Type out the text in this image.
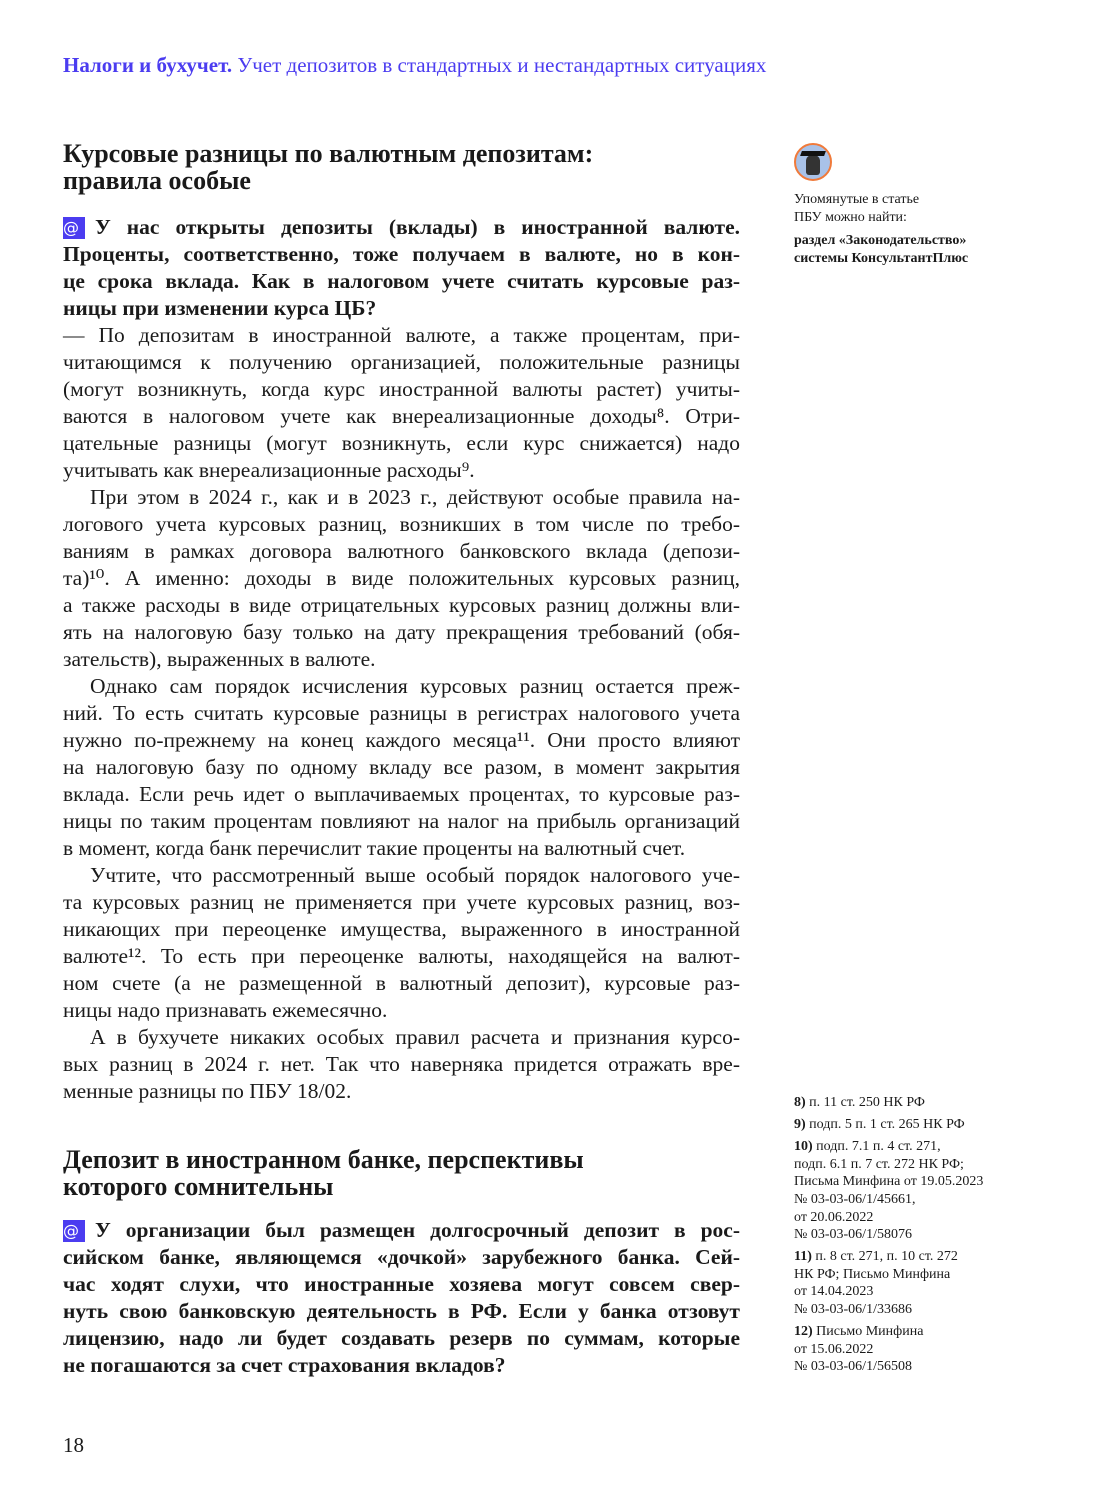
Налоги и бухучет. Учет депозитов в стандартных и нестандартных ситуациях
Курсовые разницы по валютным депозитам:
правила особые
@ У нас открыты депозиты (вклады) в иностранной валюте.
Проценты, соответственно, тоже получаем в валюте, но в кон-
це срока вклада. Как в налоговом учете считать курсовые раз-
ницы при изменении курса ЦБ?
— По депозитам в иностранной валюте, а также процентам, при-
читающимся к получению организацией, положительные разницы
(могут возникнуть, когда курс иностранной валюты растет) учиты-
ваются в налоговом учете как внереализационные доходы⁸. Отри-
цательные разницы (могут возникнуть, если курс снижается) надо
учитывать как внереализационные расходы⁹.
При этом в 2024 г., как и в 2023 г., действуют особые правила на-
логового учета курсовых разниц, возникших в том числе по требо-
ваниям в рамках договора валютного банковского вклада (депози-
та)¹⁰. А именно: доходы в виде положительных курсовых разниц,
а также расходы в виде отрицательных курсовых разниц должны вли-
ять на налоговую базу только на дату прекращения требований (обя-
зательств), выраженных в валюте.
Однако сам порядок исчисления курсовых разниц остается преж-
ний. То есть считать курсовые разницы в регистрах налогового учета
нужно по-прежнему на конец каждого месяца¹¹. Они просто влияют
на налоговую базу по одному вкладу все разом, в момент закрытия
вклада. Если речь идет о выплачиваемых процентах, то курсовые раз-
ницы по таким процентам повлияют на налог на прибыль организаций
в момент, когда банк перечислит такие проценты на валютный счет.
Учтите, что рассмотренный выше особый порядок налогового уче-
та курсовых разниц не применяется при учете курсовых разниц, воз-
никающих при переоценке имущества, выраженного в иностранной
валюте¹². То есть при переоценке валюты, находящейся на валют-
ном счете (а не размещенной в валютный депозит), курсовые раз-
ницы надо признавать ежемесячно.
А в бухучете никаких особых правил расчета и признания курсо-
вых разниц в 2024 г. нет. Так что наверняка придется отражать вре-
менные разницы по ПБУ 18/02.
Депозит в иностранном банке, перспективы
которого сомнительны
@ У организации был размещен долгосрочный депозит в рос-
сийском банке, являющемся «дочкой» зарубежного банка. Сей-
час ходят слухи, что иностранные хозяева могут совсем свер-
нуть свою банковскую деятельность в РФ. Если у банка отзовут
лицензию, надо ли будет создавать резерв по суммам, которые
не погашаются за счет страхования вкладов?
Упомянутые в статье
ПБУ можно найти:
раздел «Законодательство»
системы КонсультантПлюс
8) п. 11 ст. 250 НК РФ
9) подп. 5 п. 1 ст. 265 НК РФ
10) подп. 7.1 п. 4 ст. 271,
подп. 6.1 п. 7 ст. 272 НК РФ;
Письма Минфина от 19.05.2023
№ 03-03-06/1/45661,
от 20.06.2022
№ 03-03-06/1/58076
11) п. 8 ст. 271, п. 10 ст. 272
НК РФ; Письмо Минфина
от 14.04.2023
№ 03-03-06/1/33686
12) Письмо Минфина
от 15.06.2022
№ 03-03-06/1/56508
18
